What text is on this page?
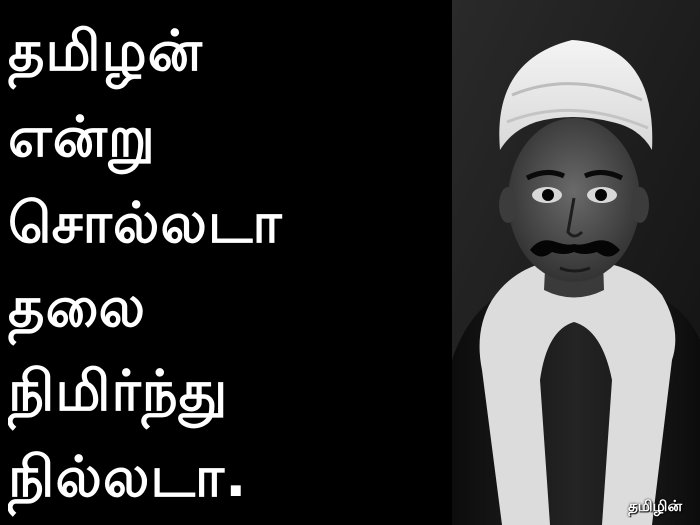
தமிழன்
என்று
சொல்லடா
தலை
நிமிர்ந்து
நில்லடா.	தமிழின்
